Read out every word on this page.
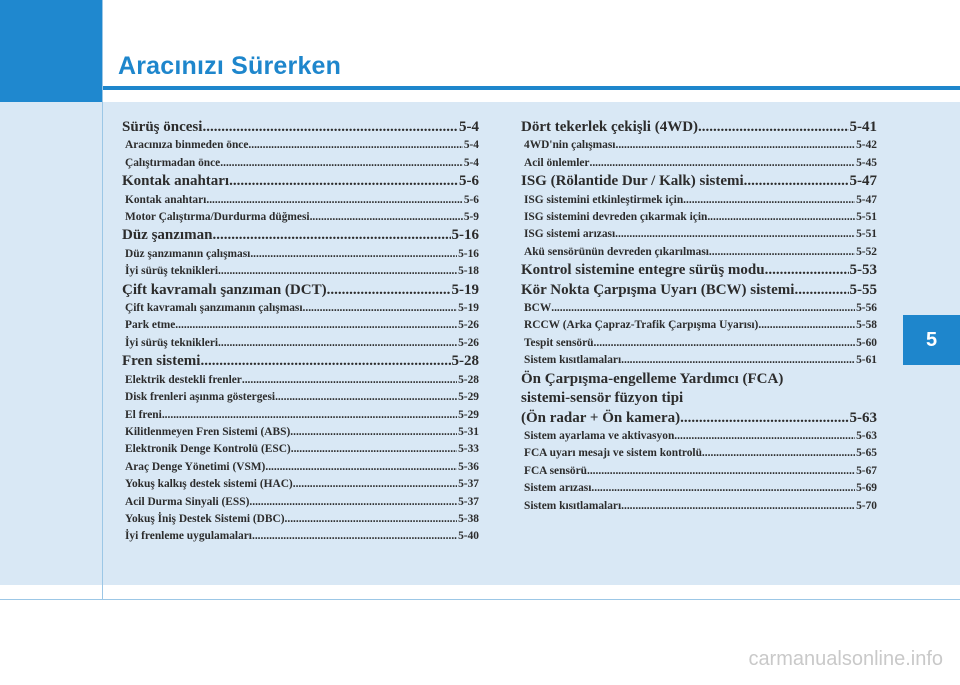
Aracınızı Sürerken
5
Sürüş öncesi .....	5-4
Aracınıza binmeden önce .....	5-4
Çalıştırmadan önce .....	5-4
Kontak anahtarı .....	5-6
Kontak anahtarı .....	5-6
Motor Çalıştırma/Durdurma düğmesi .....	5-9
Düz şanzıman .....	5-16
Düz şanzımanın çalışması .....	5-16
İyi sürüş teknikleri .....	5-18
Çift kavramalı şanzıman (DCT) .....	5-19
Çift kavramalı şanzımanın çalışması .....	5-19
Park etme .....	5-26
İyi sürüş teknikleri .....	5-26
Fren sistemi .....	5-28
Elektrik destekli frenler .....	5-28
Disk frenleri aşınma göstergesi .....	5-29
El freni .....	5-29
Kilitlenmeyen Fren Sistemi (ABS) .....	5-31
Elektronik Denge Kontrolü (ESC) .....	5-33
Araç Denge Yönetimi (VSM) .....	5-36
Yokuş kalkış destek sistemi (HAC) .....	5-37
Acil Durma Sinyali (ESS) .....	5-37
Yokuş İniş Destek Sistemi (DBC) .....	5-38
İyi frenleme uygulamaları .....	5-40
Dört tekerlek çekişli (4WD) .....	5-41
4WD'nin çalışması .....	5-42
Acil önlemler .....	5-45
ISG (Rölantide Dur / Kalk) sistemi .....	5-47
ISG sistemini etkinleştirmek için .....	5-47
ISG sistemini devreden çıkarmak için .....	5-51
ISG sistemi arızası .....	5-51
Akü sensörünün devreden çıkarılması .....	5-52
Kontrol sistemine entegre sürüş modu .....	5-53
Kör Nokta Çarpışma Uyarı (BCW) sistemi .....	5-55
BCW .....	5-56
RCCW (Arka Çapraz-Trafik Çarpışma Uyarısı) .....	5-58
Tespit sensörü .....	5-60
Sistem kısıtlamaları .....	5-61
Ön Çarpışma-engelleme Yardımcı (FCA)
sistemi-sensör füzyon tipi
(Ön radar + Ön kamera) .....	5-63
Sistem ayarlama ve aktivasyon .....	5-63
FCA uyarı mesajı ve sistem kontrolü .....	5-65
FCA sensörü .....	5-67
Sistem arızası .....	5-69
Sistem kısıtlamaları .....	5-70
carmanualsonline.info
